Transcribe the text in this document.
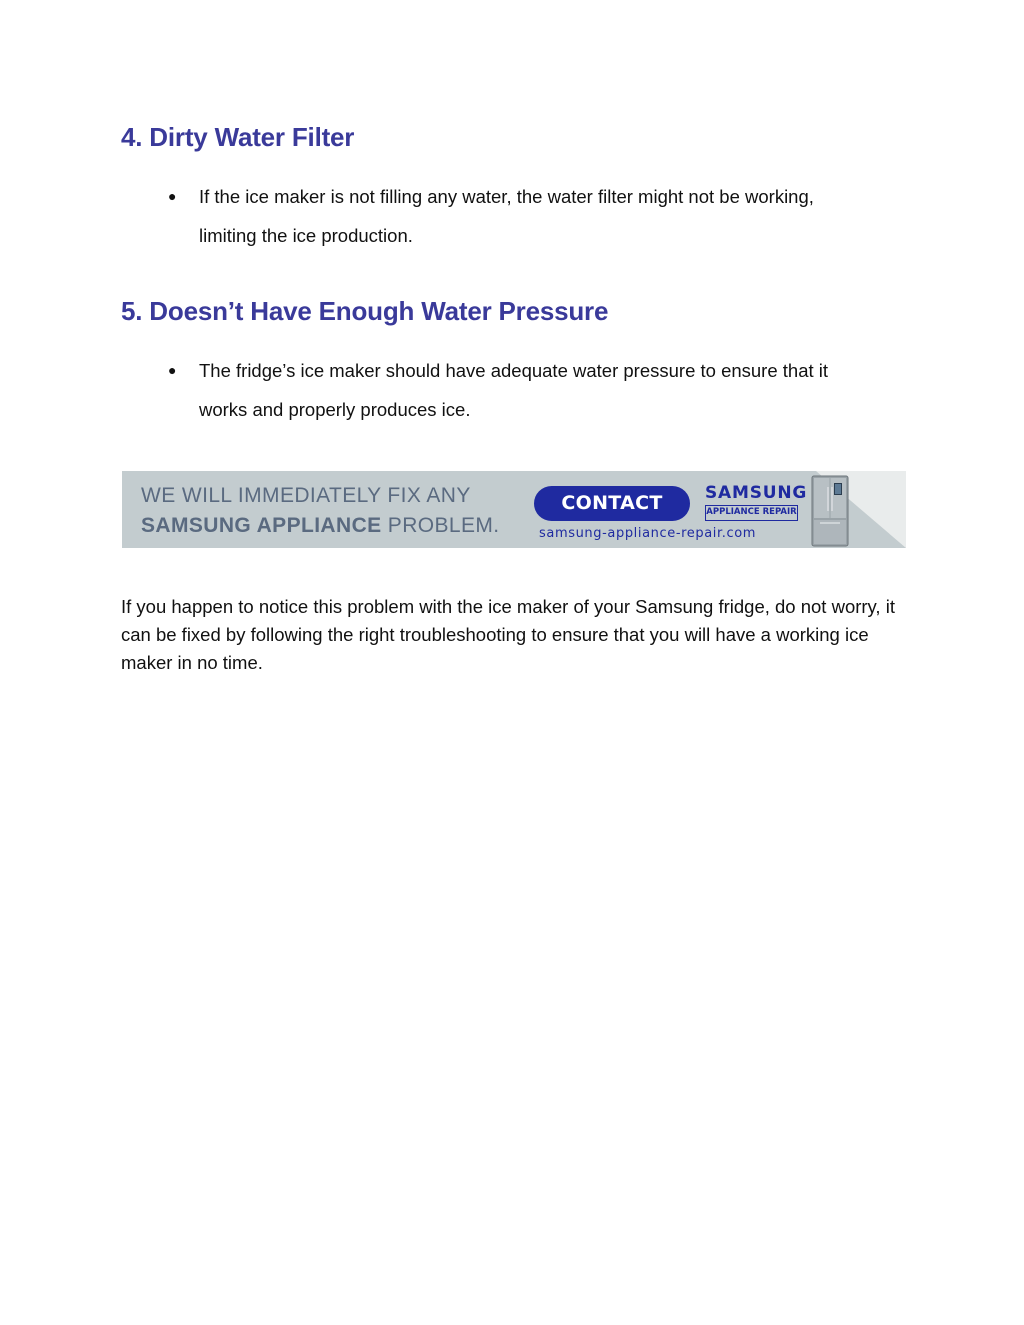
4. Dirty Water Filter
● If the ice maker is not filling any water, the water filter might not be working,
limiting the ice production.
5. Doesn’t Have Enough Water Pressure
● The fridge’s ice maker should have adequate water pressure to ensure that it
works and properly produces ice.
WE WILL IMMEDIATELY FIX ANY
SAMSUNG APPLIANCE PROBLEM.
CONTACT
samsung-appliance-repair.com
SAMSUNG
APPLIANCE REPAIR

If you happen to notice this problem with the ice maker of your Samsung fridge, do not worry, it can be fixed by following the right troubleshooting to ensure that you will have a working ice maker in no time.
